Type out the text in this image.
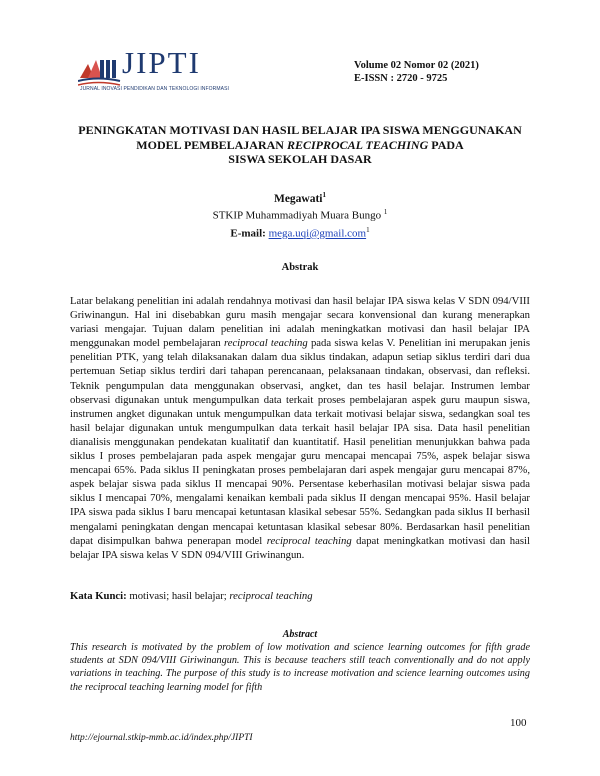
JIPTI
JURNAL INOVASI PENDIDIKAN DAN TEKNOLOGI INFORMASI
Volume 02 Nomor 02 (2021)
E-ISSN : 2720 - 9725
PENINGKATAN MOTIVASI DAN HASIL BELAJAR IPA SISWA MENGGUNAKAN
MODEL PEMBELAJARAN RECIPROCAL TEACHING PADA
SISWA SEKOLAH DASAR
Megawati$^1$
STKIP Muhammadiyah Muara Bungo $^1$
E-mail: mega.uqi@gmail.com$^1$
Abstrak
Latar belakang penelitian ini adalah rendahnya motivasi dan hasil belajar IPA siswa kelas V SDN 094/VIII Griwinangun. Hal ini disebabkan guru masih mengajar secara konvensional dan kurang menerapkan variasi mengajar. Tujuan dalam penelitian ini adalah meningkatkan motivasi dan hasil belajar IPA menggunakan model pembelajaran reciprocal teaching pada siswa kelas V. Penelitian ini merupakan jenis penelitian PTK, yang telah dilaksanakan dalam dua siklus tindakan, adapun setiap siklus terdiri dari dua pertemuan Setiap siklus terdiri dari tahapan perencanaan, pelaksanaan tindakan, observasi, dan refleksi. Teknik pengumpulan data menggunakan observasi, angket, dan tes hasil belajar. Instrumen lembar observasi digunakan untuk mengumpulkan data terkait proses pembelajaran aspek guru maupun siswa, instrumen angket digunakan untuk mengumpulkan data terkait motivasi belajar siswa, sedangkan soal tes hasil belajar digunakan untuk mengumpulkan data terkait hasil belajar IPA sisa. Data hasil penelitian dianalisis menggunakan pendekatan kualitatif dan kuantitatif. Hasil penelitian menunjukkan bahwa pada siklus I proses pembelajaran pada aspek mengajar guru mencapai mencapai 75%, aspek belajar siswa mencapai 65%. Pada siklus II peningkatan proses pembelajaran dari aspek mengajar guru mencapai 87%, aspek belajar siswa pada siklus II mencapai 90%. Persentase keberhasilan motivasi belajar siswa pada siklus I mencapai 70%, mengalami kenaikan kembali pada siklus II dengan mencapai 95%. Hasil belajar IPA siswa pada siklus I baru mencapai ketuntasan klasikal sebesar 55%. Sedangkan pada siklus II berhasil mengalami peningkatan dengan mencapai ketuntasan klasikal sebesar 80%. Berdasarkan hasil penelitian dapat disimpulkan bahwa penerapan model reciprocal teaching dapat meningkatkan motivasi dan hasil belajar IPA siswa kelas V SDN 094/VIII Griwinangun.
Kata Kunci: motivasi; hasil belajar; reciprocal teaching
Abstract
This research is motivated by the problem of low motivation and science learning outcomes for fifth grade students at SDN 094/VIII Giriwinangun. This is because teachers still teach conventionally and do not apply variations in teaching. The purpose of this study is to increase motivation and science learning outcomes using the reciprocal teaching learning model for fifth
100
http://ejournal.stkip-mmb.ac.id/index.php/JIPTI
